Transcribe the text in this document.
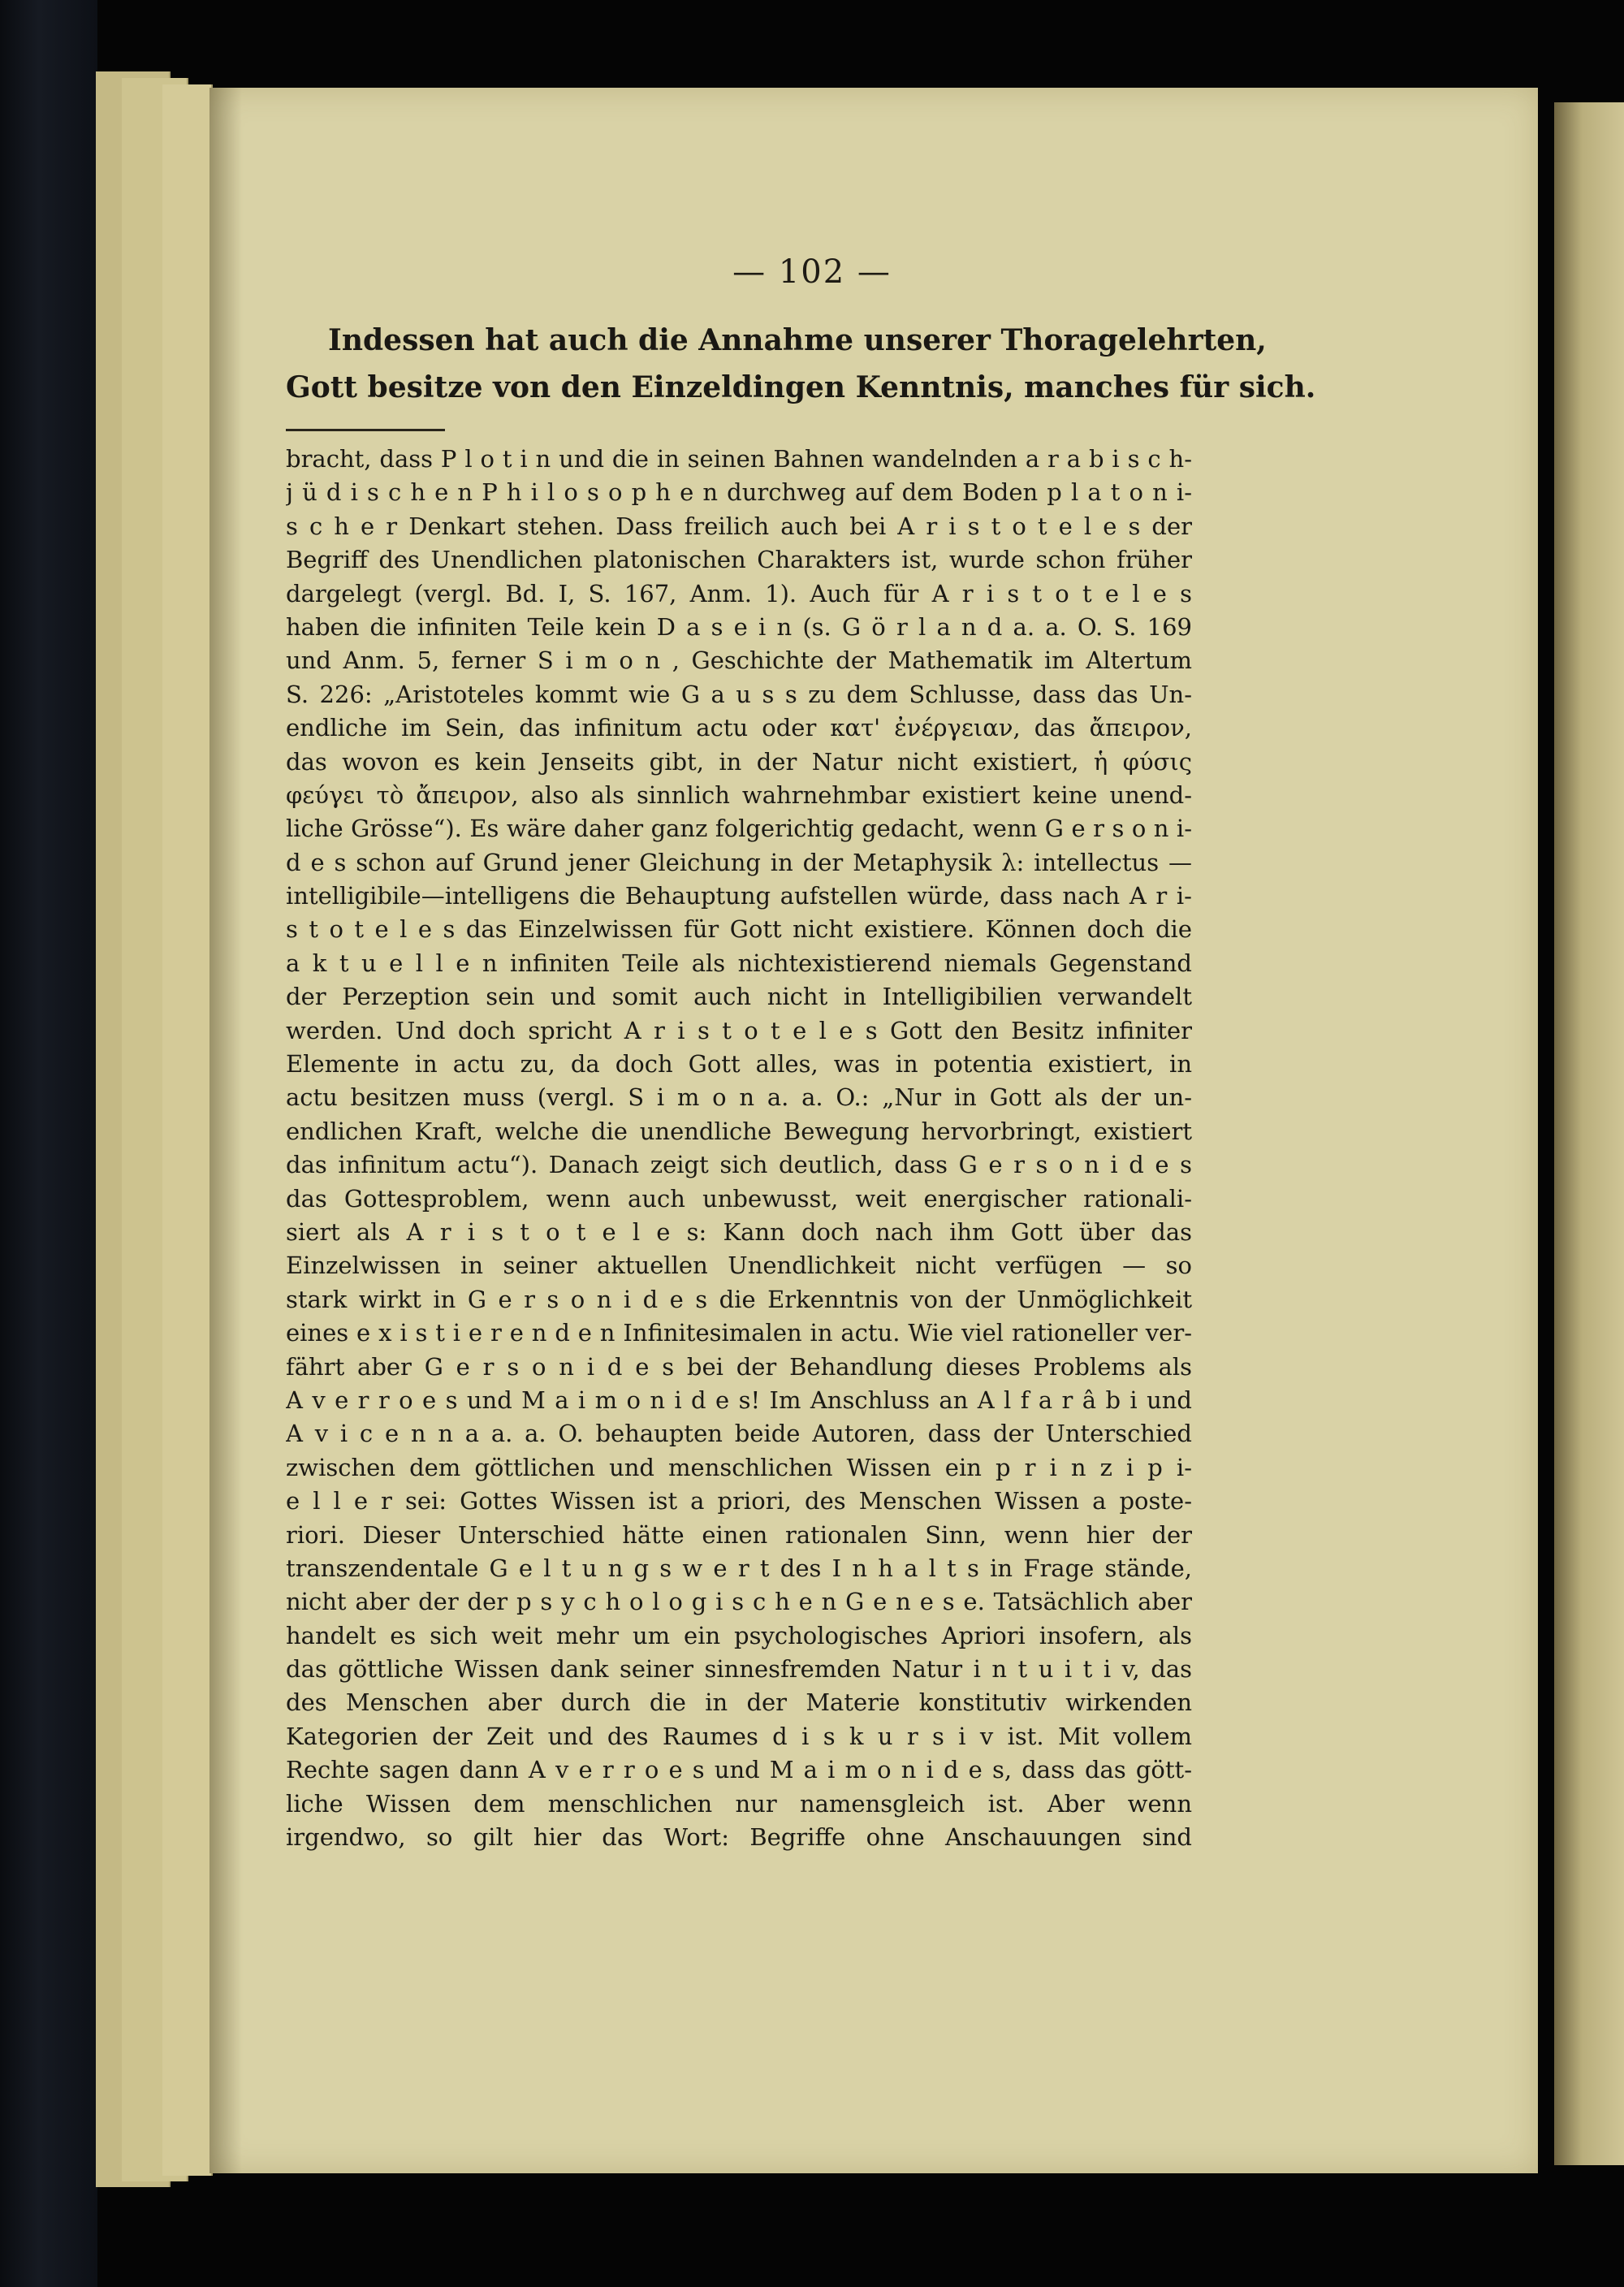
— 102 —
Indessen hat auch die Annahme unserer Thoragelehrten,
Gott besitze von den Einzeldingen Kenntnis, manches für sich.
bracht, dass P l o t i n und die in seinen Bahnen wandelnden a r a b i s c h-
j ü d i s c h e n P h i l o s o p h e n durchweg auf dem Boden p l a t o n i-
s c h e r Denkart stehen. Dass freilich auch bei A r i s t o t e l e s der
Begriff des Unendlichen platonischen Charakters ist, wurde schon früher
dargelegt (vergl. Bd. I, S. 167, Anm. 1). Auch für A r i s t o t e l e s
haben die infiniten Teile kein D a s e i n (s. G ö r l a n d a. a. O. S. 169
und Anm. 5, ferner S i m o n , Geschichte der Mathematik im Altertum
S. 226: „Aristoteles kommt wie G a u s s zu dem Schlusse, dass das Un-
endliche im Sein, das infinitum actu oder κατ' ἐνέργειαν, das ἄπειρον,
das wovon es kein Jenseits gibt, in der Natur nicht existiert, ἡ φύσις
φεύγει τὸ ἄπειρον, also als sinnlich wahrnehmbar existiert keine unend-
liche Grösse“). Es wäre daher ganz folgerichtig gedacht, wenn G e r s o n i-
d e s schon auf Grund jener Gleichung in der Metaphysik λ: intellectus —
intelligibile—intelligens die Behauptung aufstellen würde, dass nach A r i-
s t o t e l e s das Einzelwissen für Gott nicht existiere. Können doch die
a k t u e l l e n infiniten Teile als nichtexistierend niemals Gegenstand
der Perzeption sein und somit auch nicht in Intelligibilien verwandelt
werden. Und doch spricht A r i s t o t e l e s Gott den Besitz infiniter
Elemente in actu zu, da doch Gott alles, was in potentia existiert, in
actu besitzen muss (vergl. S i m o n a. a. O.: „Nur in Gott als der un-
endlichen Kraft, welche die unendliche Bewegung hervorbringt, existiert
das infinitum actu“). Danach zeigt sich deutlich, dass G e r s o n i d e s
das Gottesproblem, wenn auch unbewusst, weit energischer rationali-
siert als A r i s t o t e l e s: Kann doch nach ihm Gott über das
Einzelwissen in seiner aktuellen Unendlichkeit nicht verfügen — so
stark wirkt in G e r s o n i d e s die Erkenntnis von der Unmöglichkeit
eines e x i s t i e r e n d e n Infinitesimalen in actu. Wie viel rationeller ver-
fährt aber G e r s o n i d e s bei der Behandlung dieses Problems als
A v e r r o e s und M a i m o n i d e s! Im Anschluss an A l f a r â b i und
A v i c e n n a a. a. O. behaupten beide Autoren, dass der Unterschied
zwischen dem göttlichen und menschlichen Wissen ein p r i n z i p i-
e l l e r sei: Gottes Wissen ist a priori, des Menschen Wissen a poste-
riori. Dieser Unterschied hätte einen rationalen Sinn, wenn hier der
transzendentale G e l t u n g s w e r t des I n h a l t s in Frage stände,
nicht aber der der p s y c h o l o g i s c h e n G e n e s e. Tatsächlich aber
handelt es sich weit mehr um ein psychologisches Apriori insofern, als
das göttliche Wissen dank seiner sinnesfremden Natur i n t u i t i v, das
des Menschen aber durch die in der Materie konstitutiv wirkenden
Kategorien der Zeit und des Raumes d i s k u r s i v ist. Mit vollem
Rechte sagen dann A v e r r o e s und M a i m o n i d e s, dass das gött-
liche Wissen dem menschlichen nur namensgleich ist. Aber wenn
irgendwo, so gilt hier das Wort: Begriffe ohne Anschauungen sind
